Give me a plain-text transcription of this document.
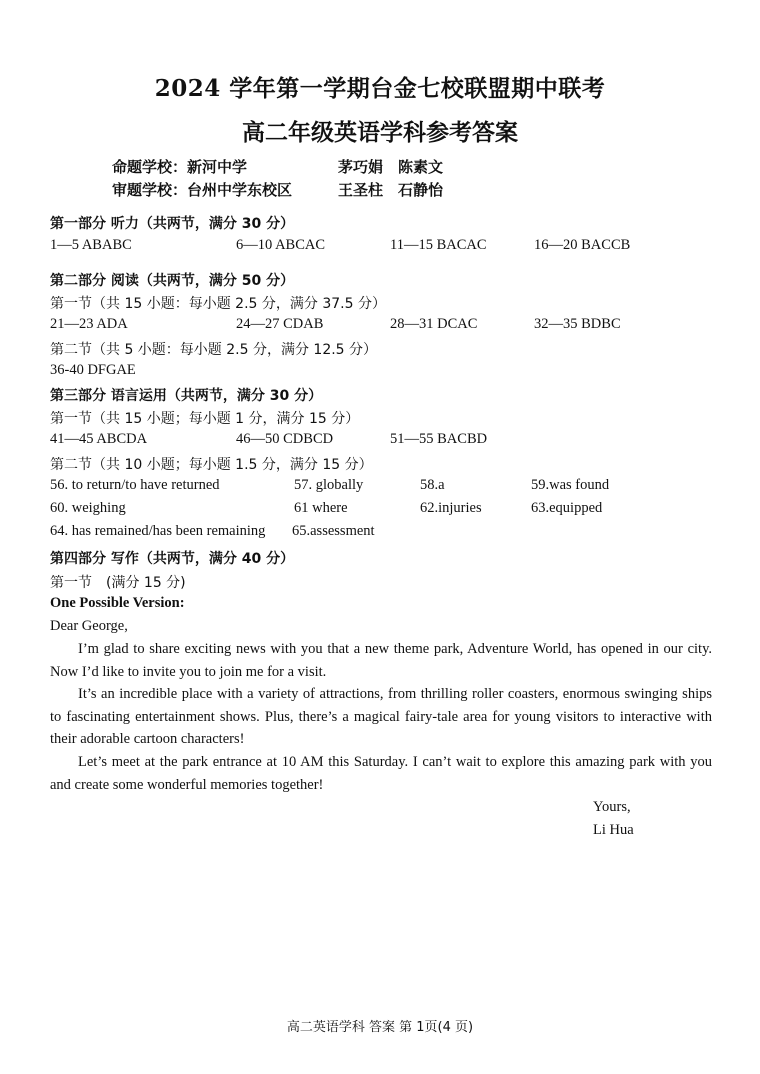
2024 学年第一学期台金七校联盟期中联考
高二年级英语学科参考答案
命题学校：新河中学	茅巧娟　陈素文
审题学校：台州中学东校区	王圣柱　石静怡
第一部分 听力（共两节，满分 30 分）
1—5 ABABC	6—10 ABCAC	11—15 BACAC	16—20 BACCB
第二部分 阅读（共两节，满分 50 分）
第一节（共 15 小题：每小题 2.5 分，满分 37.5 分）
21—23 ADA	24—27 CDAB	28—31 DCAC	32—35 BDBC
第二节（共 5 小题：每小题 2.5 分，满分 12.5 分）
36-40 DFGAE
第三部分 语言运用（共两节，满分 30 分）
第一节（共 15 小题；每小题 1 分，满分 15 分）
41—45 ABCDA	46—50 CDBCD	51—55 BACBD
第二节（共 10 小题；每小题 1.5 分，满分 15 分）
56. to return/to have returned	57. globally	58.a	59.was found
60. weighing	61 where	62.injuries	63.equipped
64. has remained/has been remaining 65.assessment
第四部分 写作（共两节，满分 40 分）
第一节　(满分 15 分)
One Possible Version:
Dear George,

I’m glad to share exciting news with you that a new theme park, Adventure World, has opened in our city. Now I’d like to invite you to join me for a visit.

It’s an incredible place with a variety of attractions, from thrilling roller coasters, enormous swinging ships to fascinating entertainment shows. Plus, there’s a magical fairy-tale area for young visitors to interactive with their adorable cartoon characters!

Let’s meet at the park entrance at 10 AM this Saturday. I can’t wait to explore this amazing park with you and create some wonderful memories together!

Yours,
Li Hua
高二英语学科 答案 第 1页(4 页)
